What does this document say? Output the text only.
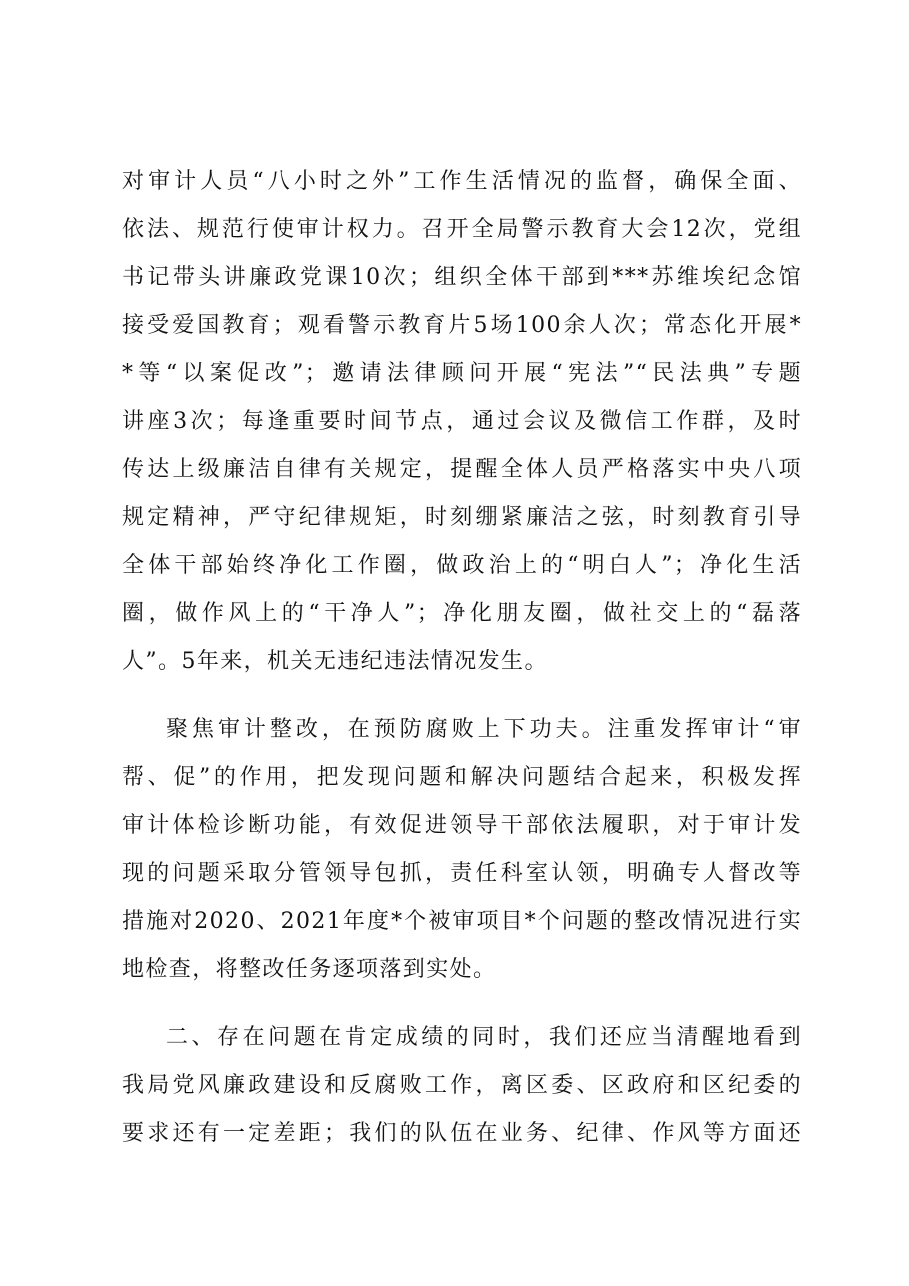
对审计人员“八小时之外”工作生活情况的监督，确保全面、
依法、规范行使审计权力。召开全局警示教育大会12次，党组
书记带头讲廉政党课10次；组织全体干部到***苏维埃纪念馆
接受爱国教育；观看警示教育片5场100余人次；常态化开展*
*等“以案促改”；邀请法律顾问开展“宪法”“民法典”专题
讲座3次；每逢重要时间节点，通过会议及微信工作群，及时
传达上级廉洁自律有关规定，提醒全体人员严格落实中央八项
规定精神，严守纪律规矩，时刻绷紧廉洁之弦，时刻教育引导
全体干部始终净化工作圈，做政治上的“明白人”；净化生活
圈，做作风上的“干净人”；净化朋友圈，做社交上的“磊落
人”。5年来，机关无违纪违法情况发生。
聚焦审计整改，在预防腐败上下功夫。注重发挥审计“审
帮、促”的作用，把发现问题和解决问题结合起来，积极发挥
审计体检诊断功能，有效促进领导干部依法履职，对于审计发
现的问题采取分管领导包抓，责任科室认领，明确专人督改等
措施对2020、2021年度*个被审项目*个问题的整改情况进行实
地检查，将整改任务逐项落到实处。
二、存在问题在肯定成绩的同时，我们还应当清醒地看到
我局党风廉政建设和反腐败工作，离区委、区政府和区纪委的
要求还有一定差距；我们的队伍在业务、纪律、作风等方面还
